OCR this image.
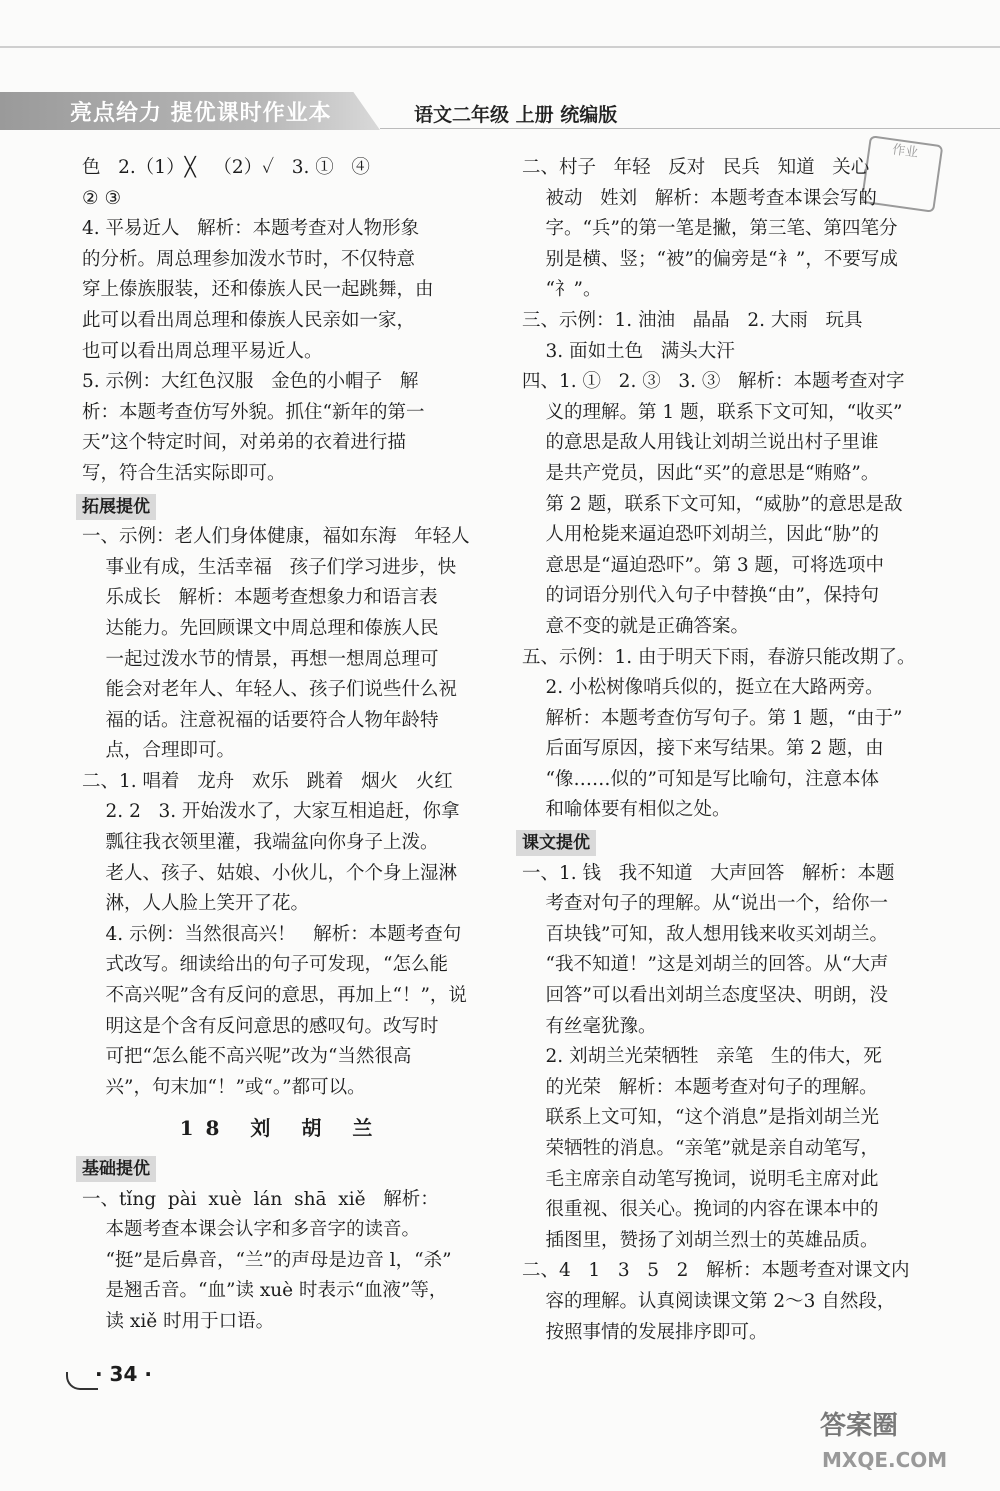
亮点给力 提优课时作业本	语文二年级 上册 统编版
作业

色   2.（1）╳   （2）✓   3. ①   ④

② ③

4. 平易近人   解析：本题考查对人物形象

的分析。周总理参加泼水节时，不仅特意

穿上傣族服装，还和傣族人民一起跳舞，由

此可以看出周总理和傣族人民亲如一家，

也可以看出周总理平易近人。

5. 示例：大红色汉服   金色的小帽子   解

析：本题考查仿写外貌。抓住“新年的第一

天”这个特定时间，对弟弟的衣着进行描

写，符合生活实际即可。

拓展提优

一、示例：老人们身体健康，福如东海   年轻人

事业有成，生活幸福   孩子们学习进步，快

乐成长   解析：本题考查想象力和语言表

达能力。先回顾课文中周总理和傣族人民

一起过泼水节的情景，再想一想周总理可

能会对老年人、年轻人、孩子们说些什么祝

福的话。注意祝福的话要符合人物年龄特

点，合理即可。

二、1. 唱着   龙舟   欢乐   跳着   烟火   火红

2. 2   3. 开始泼水了，大家互相追赶，你拿

瓢往我衣领里灌，我端盆向你身子上泼。

老人、孩子、姑娘、小伙儿，个个身上湿淋

淋，人人脸上笑开了花。

4. 示例：当然很高兴！   解析：本题考查句

式改写。细读给出的句子可发现，“怎么能

不高兴呢”含有反问的意思，再加上“！”，说

明这是个含有反问意思的感叹句。改写时

可把“怎么能不高兴呢”改为“当然很高

兴”，句末加“！”或“。”都可以。

18 刘 胡 兰
基础提优

一、tǐng  pài  xuè  lán  shā  xiě   解析：

本题考查本课会认字和多音字的读音。

“挺”是后鼻音，“兰”的声母是边音 l，“杀”

是翘舌音。“血”读 xuè 时表示“血液”等，

读 xiě 时用于口语。

二、村子   年轻   反对   民兵   知道   关心

被动   姓刘   解析：本题考查本课会写的

字。“兵”的第一笔是撇，第三笔、第四笔分

别是横、竖；“被”的偏旁是“衤”，不要写成

“礻”。

三、示例：1. 油油   晶晶   2. 大雨   玩具

3. 面如土色   满头大汗

四、1. ①   2. ③   3. ③   解析：本题考查对字

义的理解。第 1 题，联系下文可知，“收买”

的意思是敌人用钱让刘胡兰说出村子里谁

是共产党员，因此“买”的意思是“贿赂”。

第 2 题，联系下文可知，“威胁”的意思是敌

人用枪毙来逼迫恐吓刘胡兰，因此“胁”的

意思是“逼迫恐吓”。第 3 题，可将选项中

的词语分别代入句子中替换“由”，保持句

意不变的就是正确答案。

五、示例：1. 由于明天下雨，春游只能改期了。

2. 小松树像哨兵似的，挺立在大路两旁。

解析：本题考查仿写句子。第 1 题，“由于”

后面写原因，接下来写结果。第 2 题，由

“像……似的”可知是写比喻句，注意本体

和喻体要有相似之处。

课文提优

一、1. 钱   我不知道   大声回答   解析：本题

考查对句子的理解。从“说出一个，给你一

百块钱”可知，敌人想用钱来收买刘胡兰。

“我不知道！”这是刘胡兰的回答。从“大声

回答”可以看出刘胡兰态度坚决、明朗，没

有丝毫犹豫。

2. 刘胡兰光荣牺牲   亲笔   生的伟大，死

的光荣   解析：本题考查对句子的理解。

联系上文可知，“这个消息”是指刘胡兰光

荣牺牲的消息。“亲笔”就是亲自动笔写，

毛主席亲自动笔写挽词，说明毛主席对此

很重视、很关心。挽词的内容在课本中的

插图里，赞扬了刘胡兰烈士的英雄品质。

二、4   1   3   5   2   解析：本题考查对课文内

容的理解。认真阅读课文第 2～3 自然段，

按照事情的发展排序即可。

· 34 ·
答案圈
MXQE.COM
